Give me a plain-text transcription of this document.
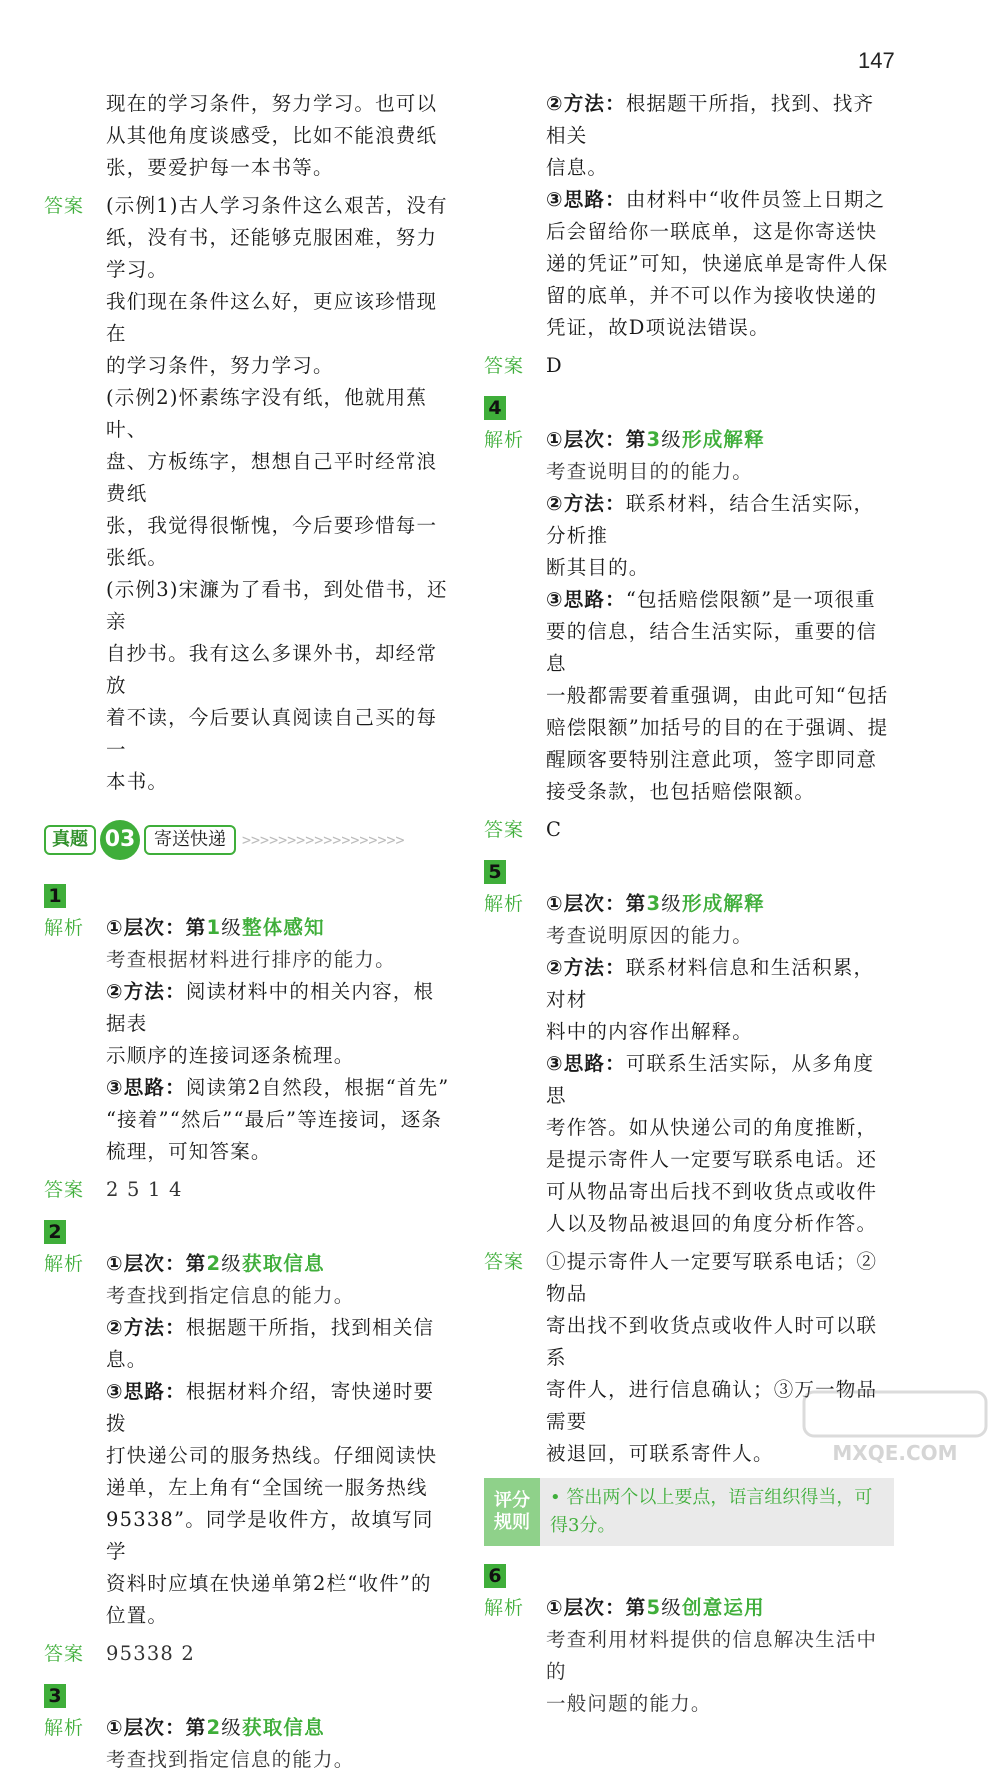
147

现在的学习条件，努力学习。也可以

从其他角度谈感受，比如不能浪费纸

张，要爱护每一本书等。

答案 (示例1)古人学习条件这么艰苦，没有

纸，没有书，还能够克服困难，努力学习。

我们现在条件这么好，更应该珍惜现在

的学习条件，努力学习。

(示例2)怀素练字没有纸，他就用蕉叶、

盘、方板练字，想想自己平时经常浪费纸

张，我觉得很惭愧，今后要珍惜每一张纸。

(示例3)宋濂为了看书，到处借书，还亲

自抄书。我有这么多课外书，却经常放

着不读，今后要认真阅读自己买的每一

本书。

真题 03	寄送快递	>>>>>>>>>>>>>>>>>>
1
解析 ①层次：第1级整体感知

考查根据材料进行排序的能力。

②方法：阅读材料中的相关内容，根据表

示顺序的连接词逐条梳理。

③思路：阅读第2自然段，根据“首先”

“接着”“然后”“最后”等连接词，逐条

梳理，可知答案。

答案 2 5 1 4

2
解析 ①层次：第2级获取信息

考查找到指定信息的能力。

②方法：根据题干所指，找到相关信息。

③思路：根据材料介绍，寄快递时要拨

打快递公司的服务热线。仔细阅读快

递单，左上角有“全国统一服务热线

95338”。同学是收件方，故填写同学

资料时应填在快递单第2栏“收件”的

位置。

答案 95338 2

3
解析 ①层次：第2级获取信息

考查找到指定信息的能力。

②方法：根据题干所指，找到、找齐相关

信息。

③思路：由材料中“收件员签上日期之

后会留给你一联底单，这是你寄送快

递的凭证”可知，快递底单是寄件人保

留的底单，并不可以作为接收快递的

凭证，故D项说法错误。

答案 D

4
解析 ①层次：第3级形成解释

考查说明目的的能力。

②方法：联系材料，结合生活实际，分析推

断其目的。

③思路：“包括赔偿限额”是一项很重

要的信息，结合生活实际，重要的信息

一般都需要着重强调，由此可知“包括

赔偿限额”加括号的目的在于强调、提

醒顾客要特别注意此项，签字即同意

接受条款，也包括赔偿限额。

答案 C

5
解析 ①层次：第3级形成解释

考查说明原因的能力。

②方法：联系材料信息和生活积累，对材

料中的内容作出解释。

③思路：可联系生活实际，从多角度思

考作答。如从快递公司的角度推断，

是提示寄件人一定要写联系电话。还

可从物品寄出后找不到收货点或收件

人以及物品被退回的角度分析作答。

答案 ①提示寄件人一定要写联系电话；②物品

寄出找不到收货点或收件人时可以联系

寄件人，进行信息确认；③万一物品需要

被退回，可联系寄件人。

评分
规则
• 答出两个以上要点，语言组织得当，可
得3分。
6
解析 ①层次：第5级创意运用

考查利用材料提供的信息解决生活中的

一般问题的能力。

MXQE.COM
